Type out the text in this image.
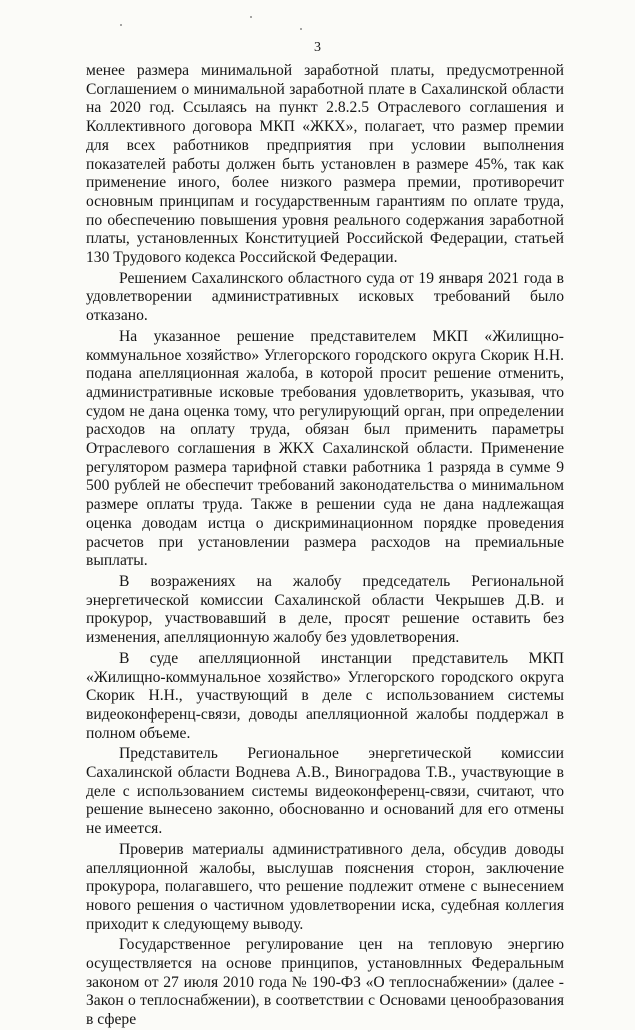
3

менее размера минимальной заработной платы, предусмотренной Соглашением о минимальной заработной плате в Сахалинской области на 2020 год. Ссылаясь на пункт 2.8.2.5 Отраслевого соглашения и Коллективного договора МКП «ЖКХ», полагает, что размер премии для всех работников предприятия при условии выполнения показателей работы должен быть установлен в размере 45%, так как применение иного, более низкого размера премии, противоречит основным принципам и государственным гарантиям по оплате труда, по обеспечению повышения уровня реального содержания заработной платы, установленных Конституцией Российской Федерации, статьей 130 Трудового кодекса Российской Федерации.

Решением Сахалинского областного суда от 19 января 2021 года в удовлетворении административных исковых требований было отказано.

На указанное решение представителем МКП «Жилищно-коммунальное хозяйство» Углегорского городского округа Скорик Н.Н. подана апелляционная жалоба, в которой просит решение отменить, административные исковые требования удовлетворить, указывая, что судом не дана оценка тому, что регулирующий орган, при определении расходов на оплату труда, обязан был применить параметры Отраслевого соглашения в ЖКХ Сахалинской области. Применение регулятором размера тарифной ставки работника 1 разряда в сумме 9 500 рублей не обеспечит требований законодательства о минимальном размере оплаты труда. Также в решении суда не дана надлежащая оценка доводам истца о дискриминационном порядке проведения расчетов при установлении размера расходов на премиальные выплаты.

В возражениях на жалобу председатель Региональной энергетической комиссии Сахалинской области Чекрышев Д.В. и прокурор, участвовавший в деле, просят решение оставить без изменения, апелляционную жалобу без удовлетворения.

В суде апелляционной инстанции представитель МКП «Жилищно-коммунальное хозяйство» Углегорского городского округа Скорик Н.Н., участвующий в деле с использованием системы видеоконференц-связи, доводы апелляционной жалобы поддержал в полном объеме.

Представитель Региональное энергетической комиссии Сахалинской области Воднева А.В., Виноградова Т.В., участвующие в деле с использованием системы видеоконференц-связи, считают, что решение вынесено законно, обоснованно и оснований для его отмены не имеется.

Проверив материалы административного дела, обсудив доводы апелляционной жалобы, выслушав пояснения сторон, заключение прокурора, полагавшего, что решение подлежит отмене с вынесением нового решения о частичном удовлетворении иска, судебная коллегия приходит к следующему выводу.

Государственное регулирование цен на тепловую энергию осуществляется на основе принципов, установлнных Федеральным законом от 27 июля 2010 года № 190-ФЗ «О теплоснабжении» (далее - Закон о теплоснабжении), в соответствии с Основами ценообразования в сфере
